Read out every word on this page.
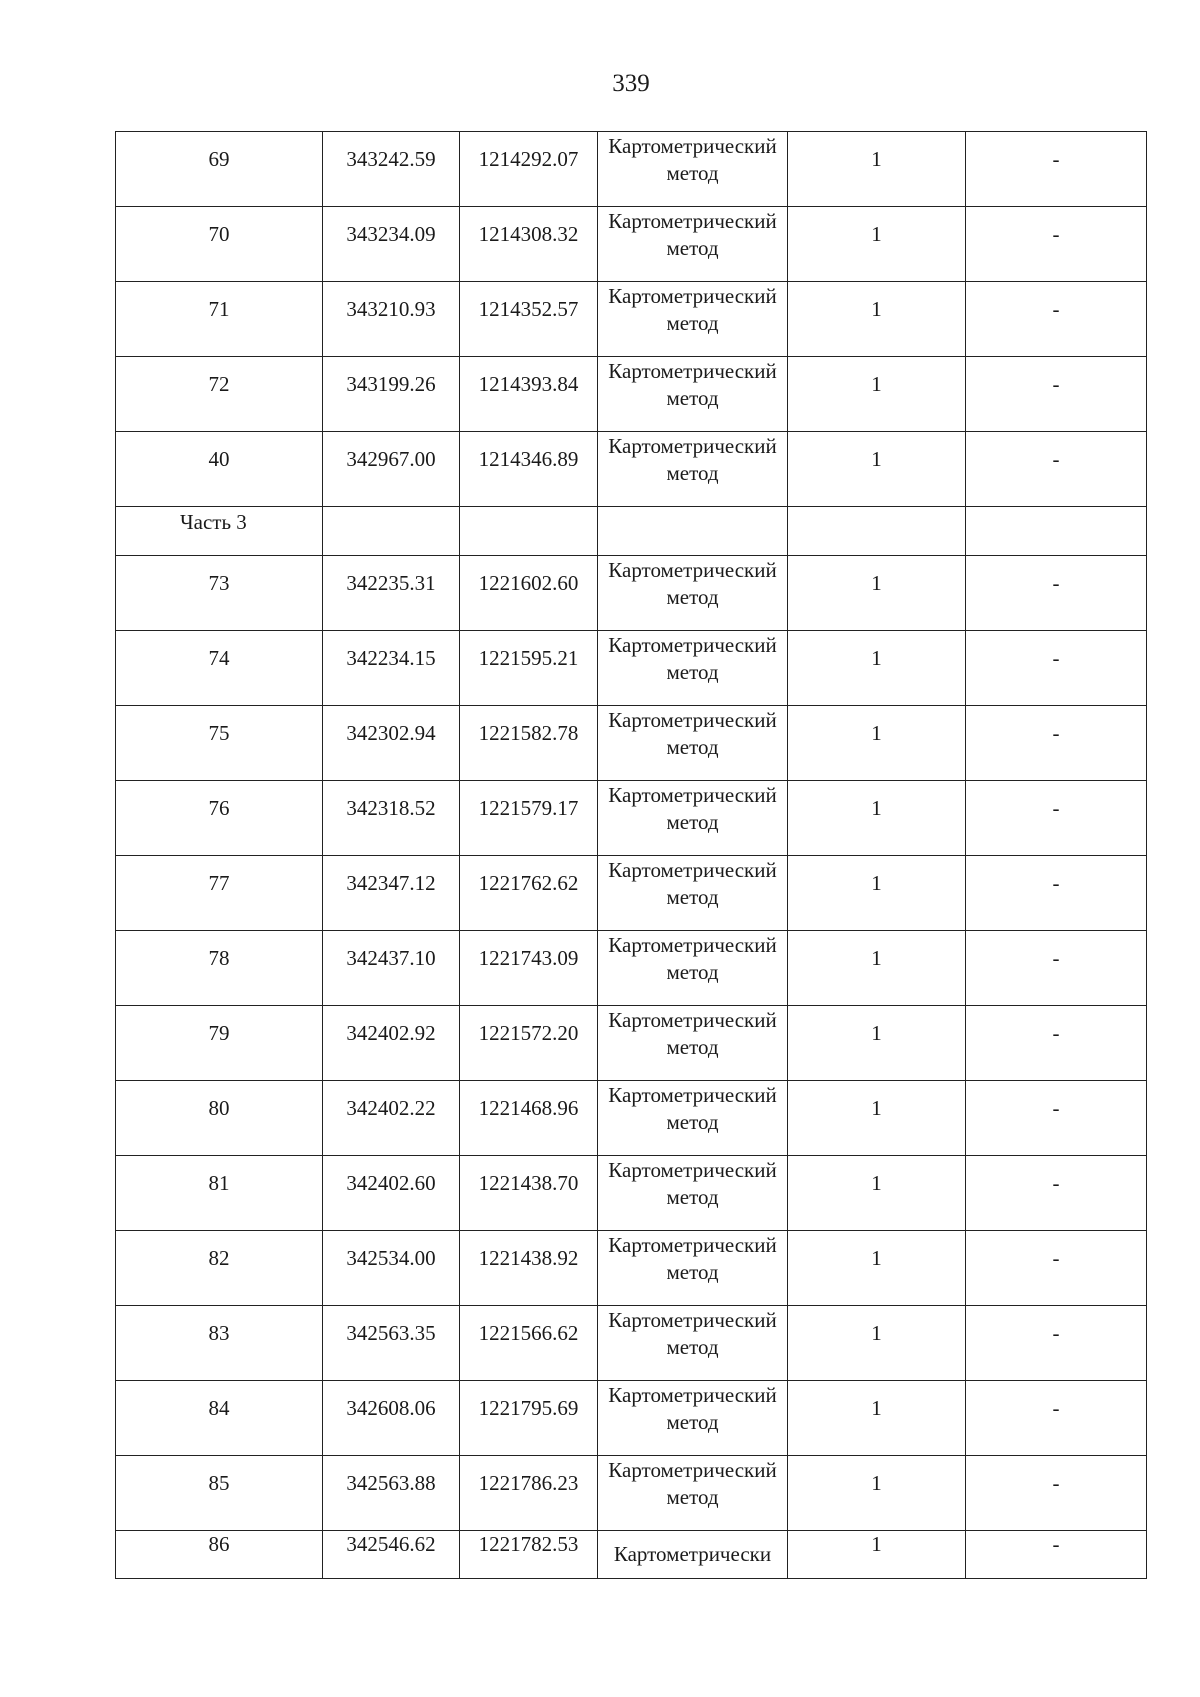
339
69	343242.59	1214292.07	Картометрический метод	1	-
70	343234.09	1214308.32	Картометрический метод	1	-
71	343210.93	1214352.57	Картометрический метод	1	-
72	343199.26	1214393.84	Картометрический метод	1	-
40	342967.00	1214346.89	Картометрический метод	1	-
Часть 3					
73	342235.31	1221602.60	Картометрический метод	1	-
74	342234.15	1221595.21	Картометрический метод	1	-
75	342302.94	1221582.78	Картометрический метод	1	-
76	342318.52	1221579.17	Картометрический метод	1	-
77	342347.12	1221762.62	Картометрический метод	1	-
78	342437.10	1221743.09	Картометрический метод	1	-
79	342402.92	1221572.20	Картометрический метод	1	-
80	342402.22	1221468.96	Картометрический метод	1	-
81	342402.60	1221438.70	Картометрический метод	1	-
82	342534.00	1221438.92	Картометрический метод	1	-
83	342563.35	1221566.62	Картометрический метод	1	-
84	342608.06	1221795.69	Картометрический метод	1	-
85	342563.88	1221786.23	Картометрический метод	1	-
86	342546.62	1221782.53	Картометрически	1	-
